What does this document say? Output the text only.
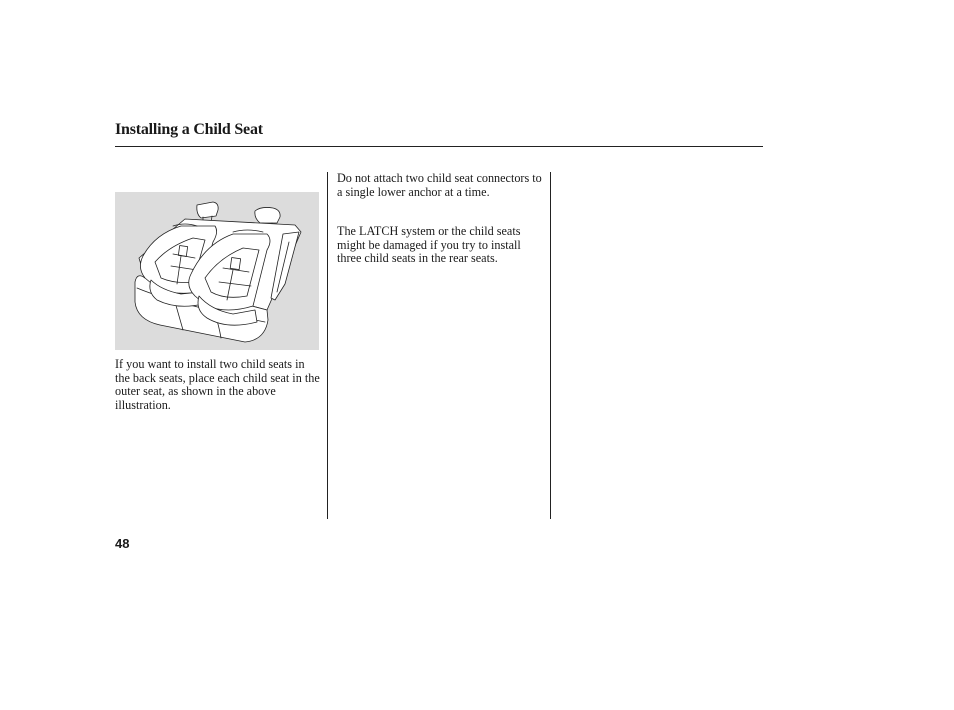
Installing a Child Seat

If you want to install two child seats in the back seats, place each child seat in the outer seat, as shown in the above illustration.

Do not attach two child seat connectors to a single lower anchor at a time.

The LATCH system or the child seats might be damaged if you try to install three child seats in the rear seats.

48
